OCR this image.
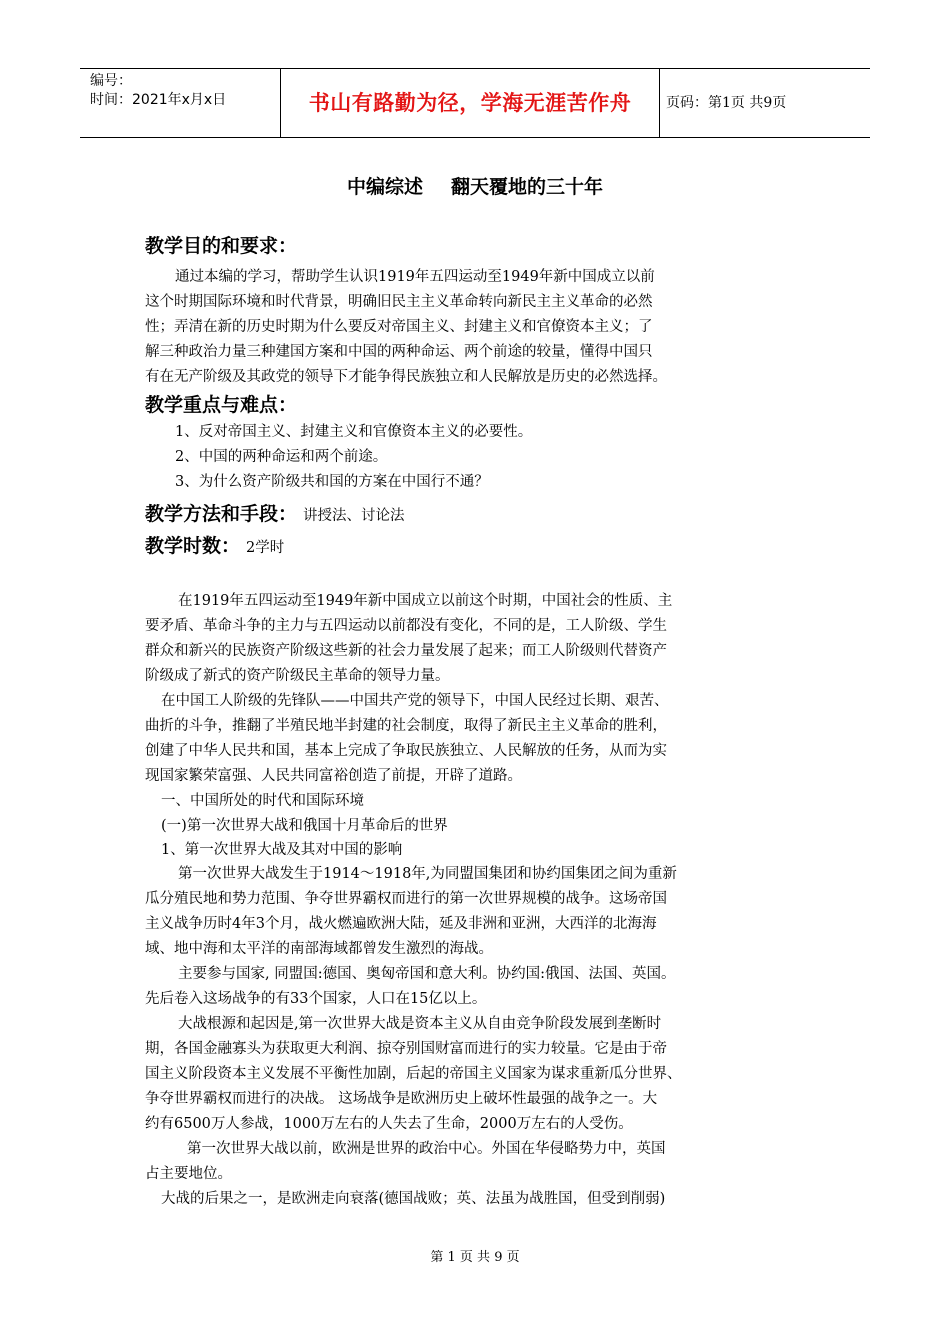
编号：
时间：2021年x月x日	书山有路勤为径，学海无涯苦作舟	页码：第1页 共9页
中编综述 翻天覆地的三十年
教学目的和要求：
通过本编的学习，帮助学生认识1919年五四运动至1949年新中国成立以前
这个时期国际环境和时代背景，明确旧民主主义革命转向新民主主义革命的必然
性；弄清在新的历史时期为什么要反对帝国主义、封建主义和官僚资本主义；了
解三种政治力量三种建国方案和中国的两种命运、两个前途的较量，懂得中国只
有在无产阶级及其政党的领导下才能争得民族独立和人民解放是历史的必然选择。
教学重点与难点：
1、反对帝国主义、封建主义和官僚资本主义的必要性。
2、中国的两种命运和两个前途。
3、为什么资产阶级共和国的方案在中国行不通？
教学方法和手段： 讲授法、讨论法
教学时数： 2学时
在1919年五四运动至1949年新中国成立以前这个时期，中国社会的性质、主
要矛盾、革命斗争的主力与五四运动以前都没有变化，不同的是，工人阶级、学生
群众和新兴的民族资产阶级这些新的社会力量发展了起来；而工人阶级则代替资产
阶级成了新式的资产阶级民主革命的领导力量。
在中国工人阶级的先锋队——中国共产党的领导下，中国人民经过长期、艰苦、
曲折的斗争，推翻了半殖民地半封建的社会制度，取得了新民主主义革命的胜利，
创建了中华人民共和国，基本上完成了争取民族独立、人民解放的任务，从而为实
现国家繁荣富强、人民共同富裕创造了前提，开辟了道路。
一、中国所处的时代和国际环境
(一)第一次世界大战和俄国十月革命后的世界
1、第一次世界大战及其对中国的影响
第一次世界大战发生于1914～1918年,为同盟国集团和协约国集团之间为重新
瓜分殖民地和势力范围、争夺世界霸权而进行的第一次世界规模的战争。这场帝国
主义战争历时4年3个月，战火燃遍欧洲大陆，延及非洲和亚洲，大西洋的北海海
域、地中海和太平洋的南部海域都曾发生激烈的海战。
主要参与国家, 同盟国:德国、奥匈帝国和意大利。协约国:俄国、法国、英国。
先后卷入这场战争的有33个国家，人口在15亿以上。
大战根源和起因是,第一次世界大战是资本主义从自由竞争阶段发展到垄断时
期，各国金融寡头为获取更大利润、掠夺别国财富而进行的实力较量。它是由于帝
国主义阶段资本主义发展不平衡性加剧，后起的帝国主义国家为谋求重新瓜分世界、
争夺世界霸权而进行的决战。 这场战争是欧洲历史上破坏性最强的战争之一。大
约有6500万人参战，1000万左右的人失去了生命，2000万左右的人受伤。
第一次世界大战以前，欧洲是世界的政治中心。外国在华侵略势力中，英国
占主要地位。
大战的后果之一，是欧洲走向衰落(德国战败；英、法虽为战胜国，但受到削弱)
第 1 页 共 9 页
